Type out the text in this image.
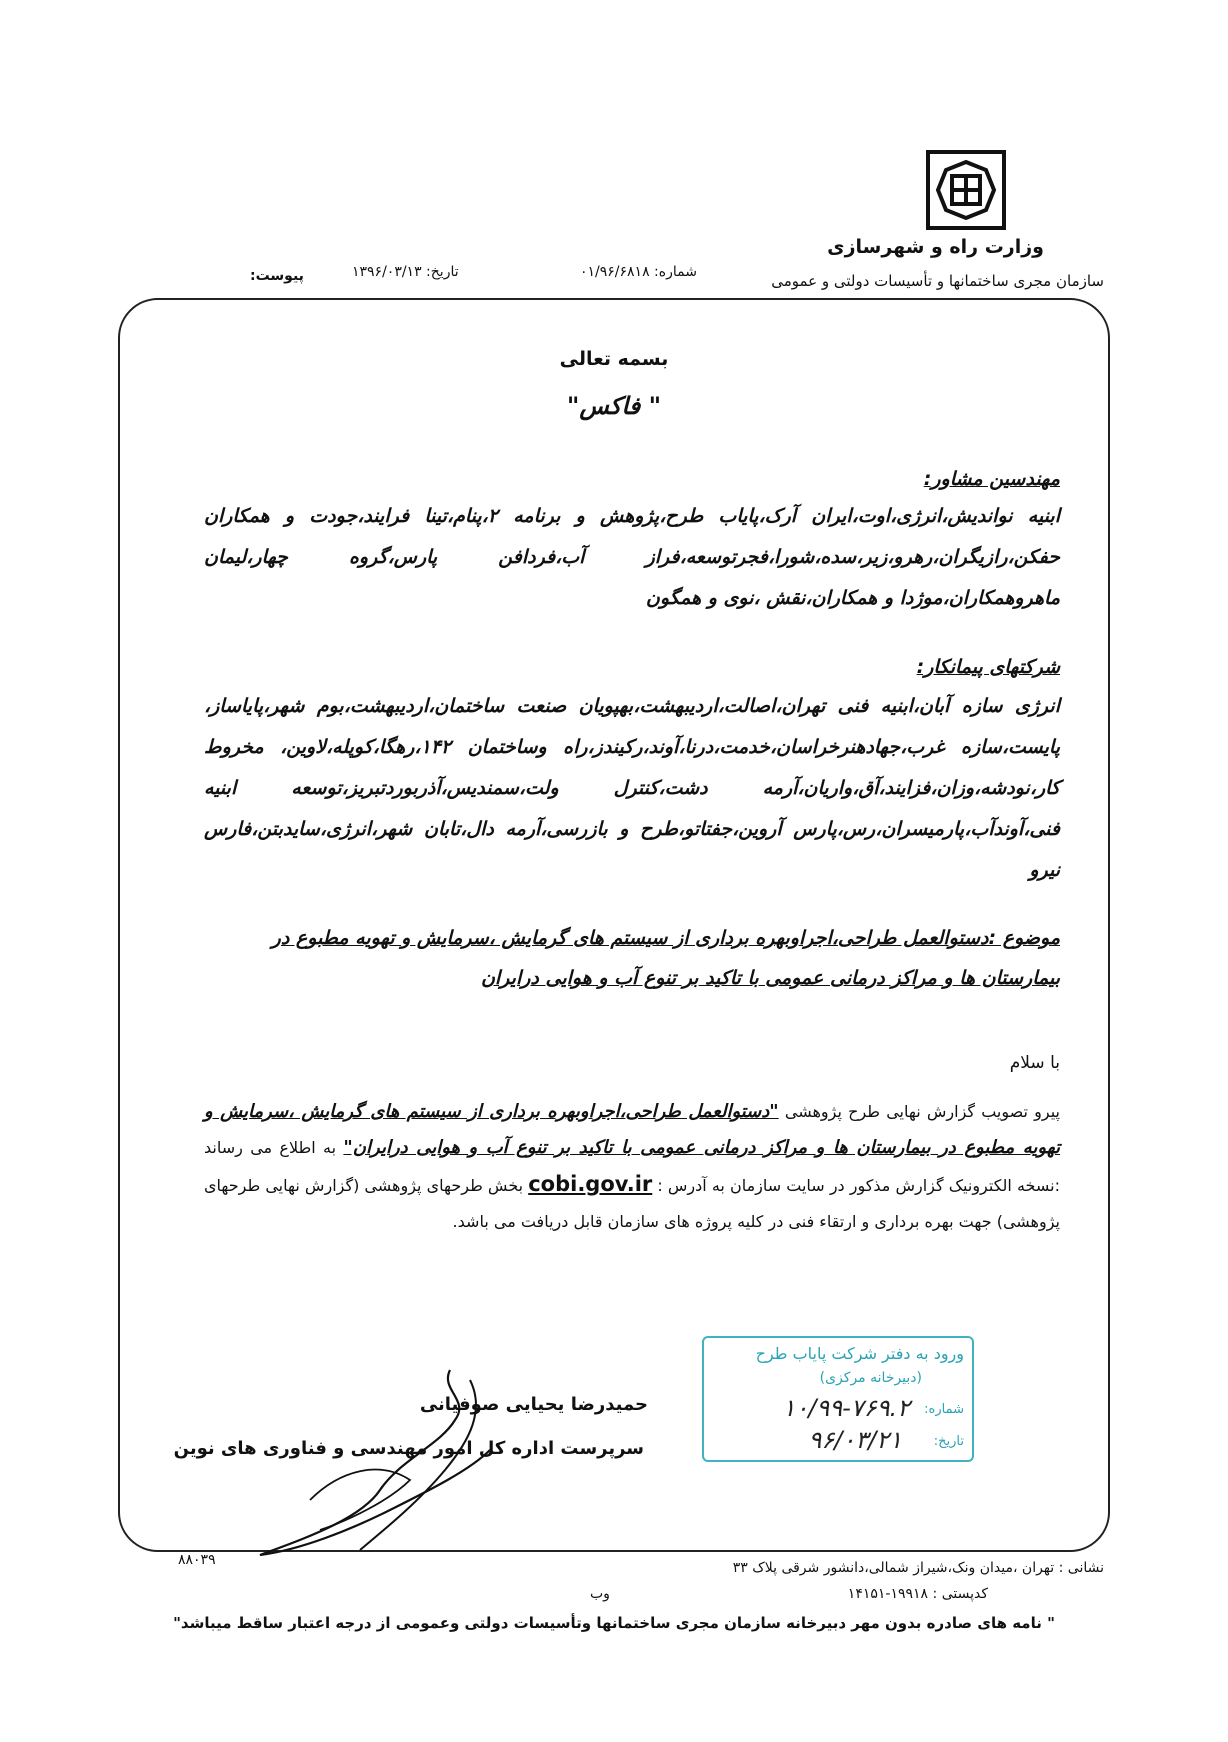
وزارت راه و شهرسازی
سازمان مجری ساختمانها و تأسیسات دولتی و عمومی
شماره: ۰۱/۹۶/۶۸۱۸
تاریخ: ۱۳۹۶/۰۳/۱۳
پیوست:
بسمه تعالی
" فاکس"
مهندسین مشاور:
ابنیه نواندیش،انرژی،اوت،ایران آرک،پایاب طرح،پژوهش و برنامه ۲،پنام،تینا فرایند،جودت و همکاران حفکن،رازیگران،رهرو،زیر،سده،شورا،فجرتوسعه،فراز آب،فردافن پارس،گروه چهار،لیمان ماهروهمکاران،موژدا و همکاران،نقش ،نوی و همگون
شرکتهای پیمانکار:
انرژی سازه آبان،ابنیه فنی تهران،اصالت،اردیبهشت،بهپویان صنعت ساختمان،اردیبهشت،بوم شهر،پایاساز، پایست،سازه غرب،جهادهنرخراسان،خدمت،درنا،آوند،رکیندز،راه وساختمان ۱۴۲،رهگا،کوپله،لاوین، مخروط کار،نودشه،وزان،فزایند،آق،واریان،آرمه دشت،کنترل ولت،سمندیس،آذربوردتبریز،توسعه ابنیه فنی،آوندآب،پارمیسران،رس،پارس آروین،جفتاتو،طرح و بازرسی،آرمه دال،تابان شهر،انرژی،سایدبتن،فارس نیرو
موضوع :دستوالعمل طراحی،اجراوبهره برداری از سیستم های گرمایش ،سرمایش و تهویه مطبوع در بیمارستان ها و مراکز درمانی عمومی با تاکید بر تنوع آب و هوایی درایران
با سلام
پیرو تصویب گزارش نهایی طرح پژوهشی "دستوالعمل طراحی،اجراوبهره برداری از سیستم های گرمایش ،سرمایش و تهویه مطبوع در بیمارستان ها و مراکز درمانی عمومی با تاکید بر تنوع آب و هوایی درایران" به اطلاع می رساند :نسخه الکترونیک گزارش مذکور در سایت سازمان به آدرس : cobi.gov.ir بخش طرحهای پژوهشی (گزارش نهایی طرحهای پژوهشی) جهت بهره برداری و ارتقاء فنی در کلیه پروژه های سازمان قابل دریافت می باشد.
ورود به دفتر شرکت پایاب طرح
(دبیرخانه مرکزی)
شماره:
۱۰/۹۹-۷۶۹.۲
تاریخ:
۹۶/۰۳/۲۱
حمیدرضا یحیایی صوفیانی
سرپرست اداره کل امور مهندسی و فناوری های نوین
نشانی : تهران ،میدان ونک،شیراز شمالی،دانشور شرقی پلاک ۳۳
کدپستی : ۱۹۹۱۸-۱۴۱۵۱
وب
۸۸۰۳۹
" نامه های صادره بدون مهر دبیرخانه سازمان مجری ساختمانها وتأسیسات دولتی وعمومی از درجه اعتبار ساقط میباشد"
